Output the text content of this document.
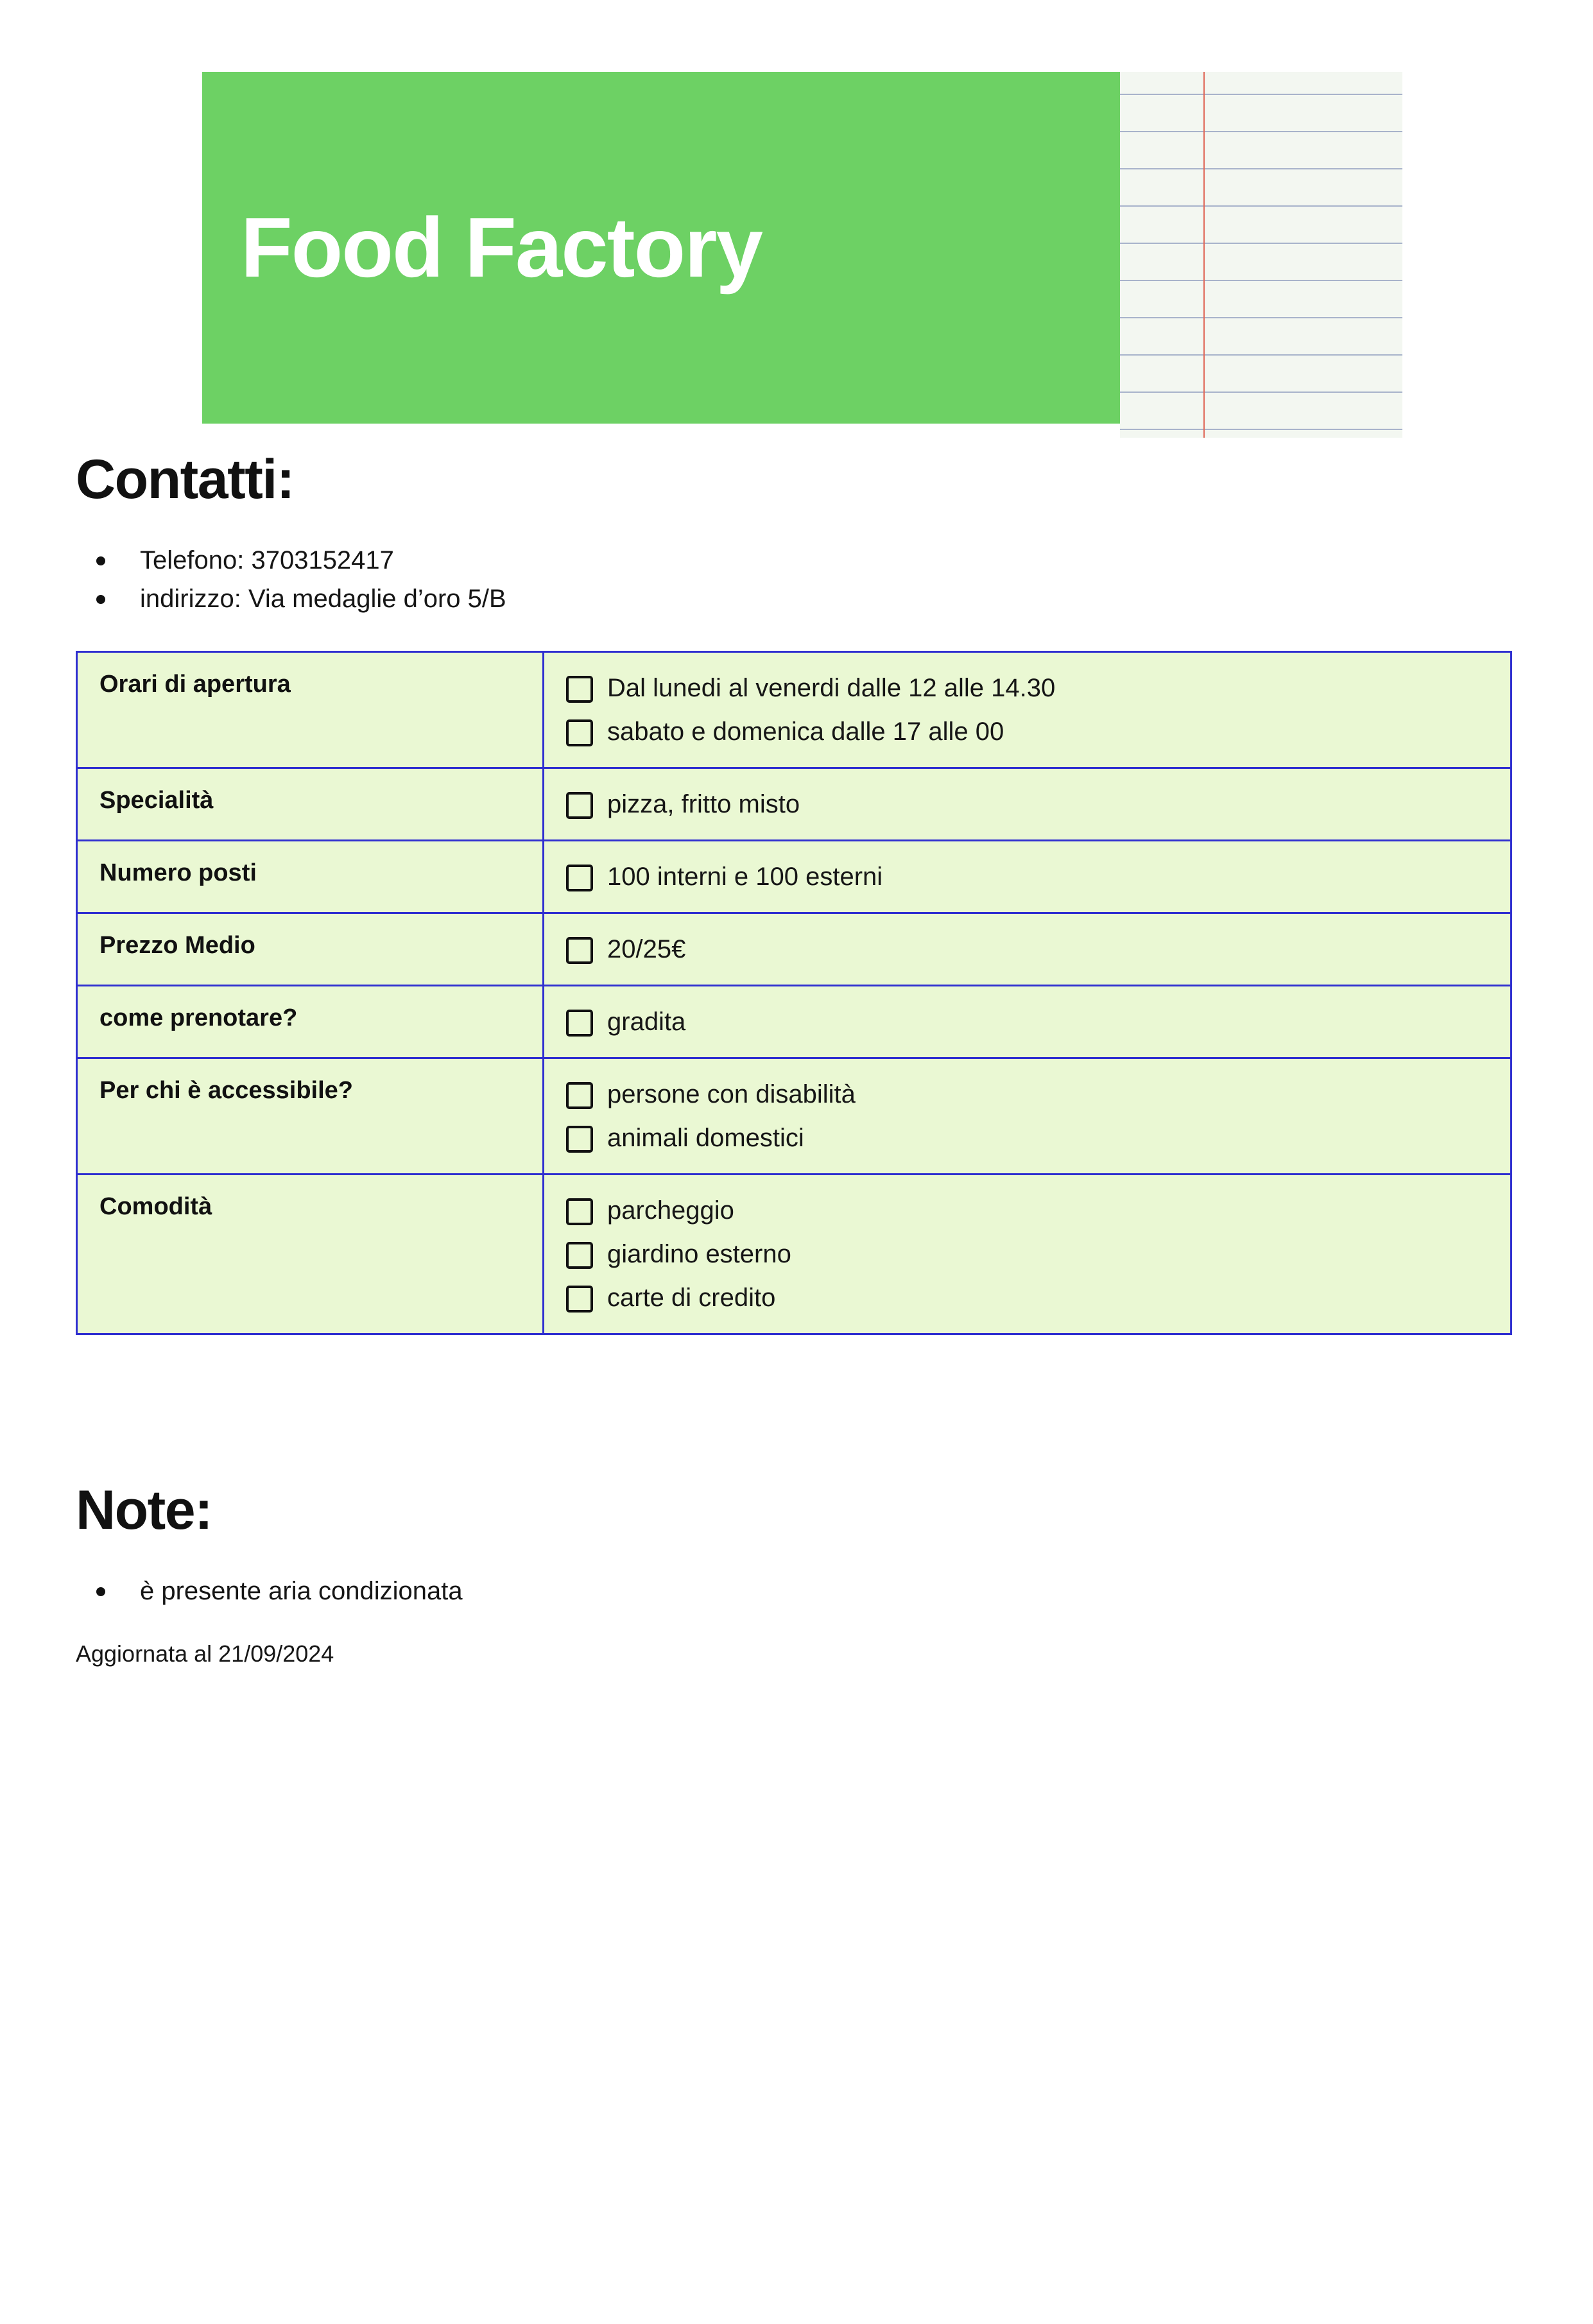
Food Factory
Contatti:
Telefono: 3703152417
indirizzo: Via medaglie d’oro 5/B
Orari di apertura	Dal lunedi al venerdi dalle 12 alle 14.30
sabato e domenica dalle 17 alle 00

Specialità	pizza, fritto misto

Numero posti	100 interni e 100 esterni

Prezzo Medio	20/25€

come prenotare?	gradita

Per chi è accessibile?	persone con disabilità
animali domestici

Comodità	parcheggio
giardino esterno
carte di credito
Note:
è presente aria condizionata
Aggiornata al 21/09/2024
